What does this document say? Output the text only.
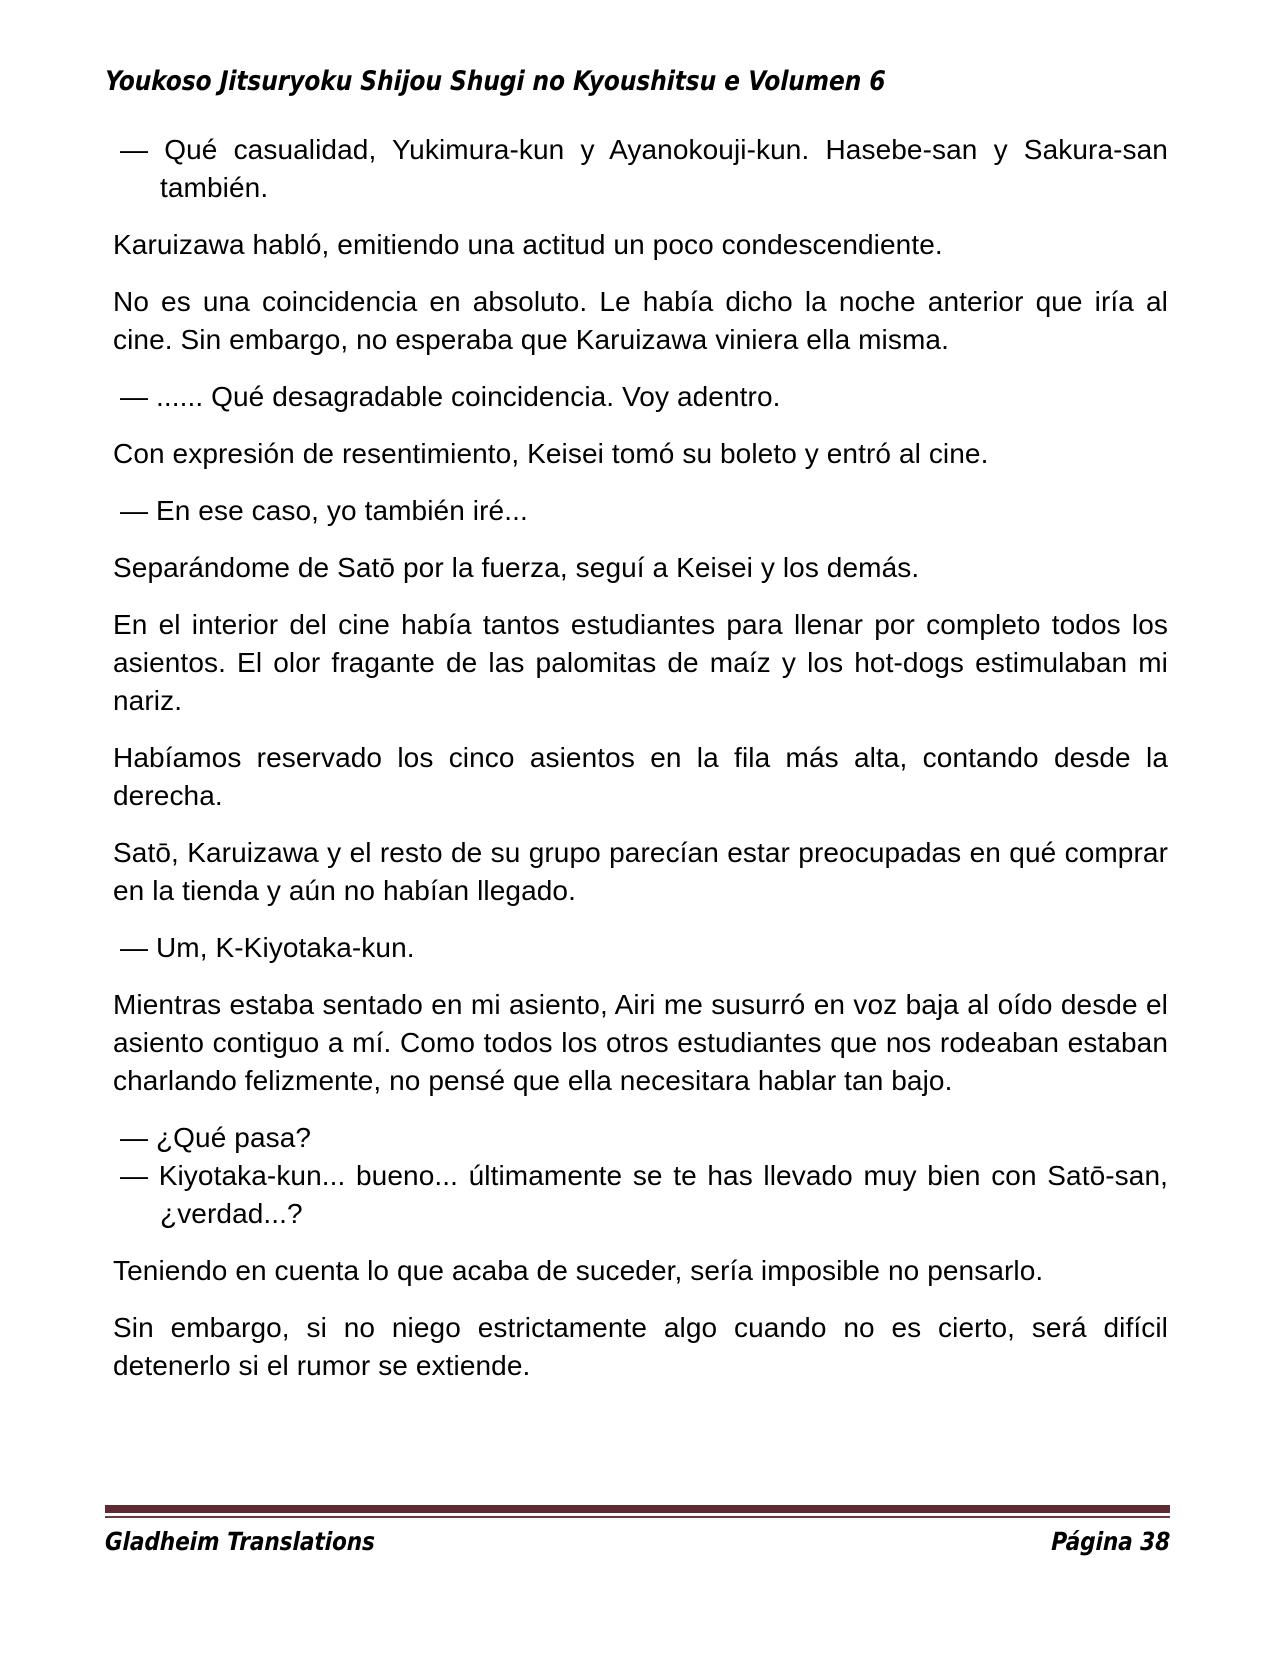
Youkoso Jitsuryoku Shijou Shugi no Kyoushitsu e Volumen 6

— Qué casualidad, Yukimura-kun y Ayanokouji-kun. Hasebe-san y Sakura-san también.

Karuizawa habló, emitiendo una actitud un poco condescendiente.

No es una coincidencia en absoluto. Le había dicho la noche anterior que iría al cine. Sin embargo, no esperaba que Karuizawa viniera ella misma.

— ...... Qué desagradable coincidencia. Voy adentro.

Con expresión de resentimiento, Keisei tomó su boleto y entró al cine.

— En ese caso, yo también iré...

Separándome de Satō por la fuerza, seguí a Keisei y los demás.

En el interior del cine había tantos estudiantes para llenar por completo todos los asientos. El olor fragante de las palomitas de maíz y los hot-dogs estimulaban mi nariz.

Habíamos reservado los cinco asientos en la fila más alta, contando desde la derecha.

Satō, Karuizawa y el resto de su grupo parecían estar preocupadas en qué comprar en la tienda y aún no habían llegado.

— Um, K-Kiyotaka-kun.

Mientras estaba sentado en mi asiento, Airi me susurró en voz baja al oído desde el asiento contiguo a mí. Como todos los otros estudiantes que nos rodeaban estaban charlando felizmente, no pensé que ella necesitara hablar tan bajo.

— ¿Qué pasa?

— Kiyotaka-kun... bueno... últimamente se te has llevado muy bien con Satō-san, ¿verdad...?

Teniendo en cuenta lo que acaba de suceder, sería imposible no pensarlo.

Sin embargo, si no niego estrictamente algo cuando no es cierto, será difícil detenerlo si el rumor se extiende.

Gladheim Translations	Página 38
